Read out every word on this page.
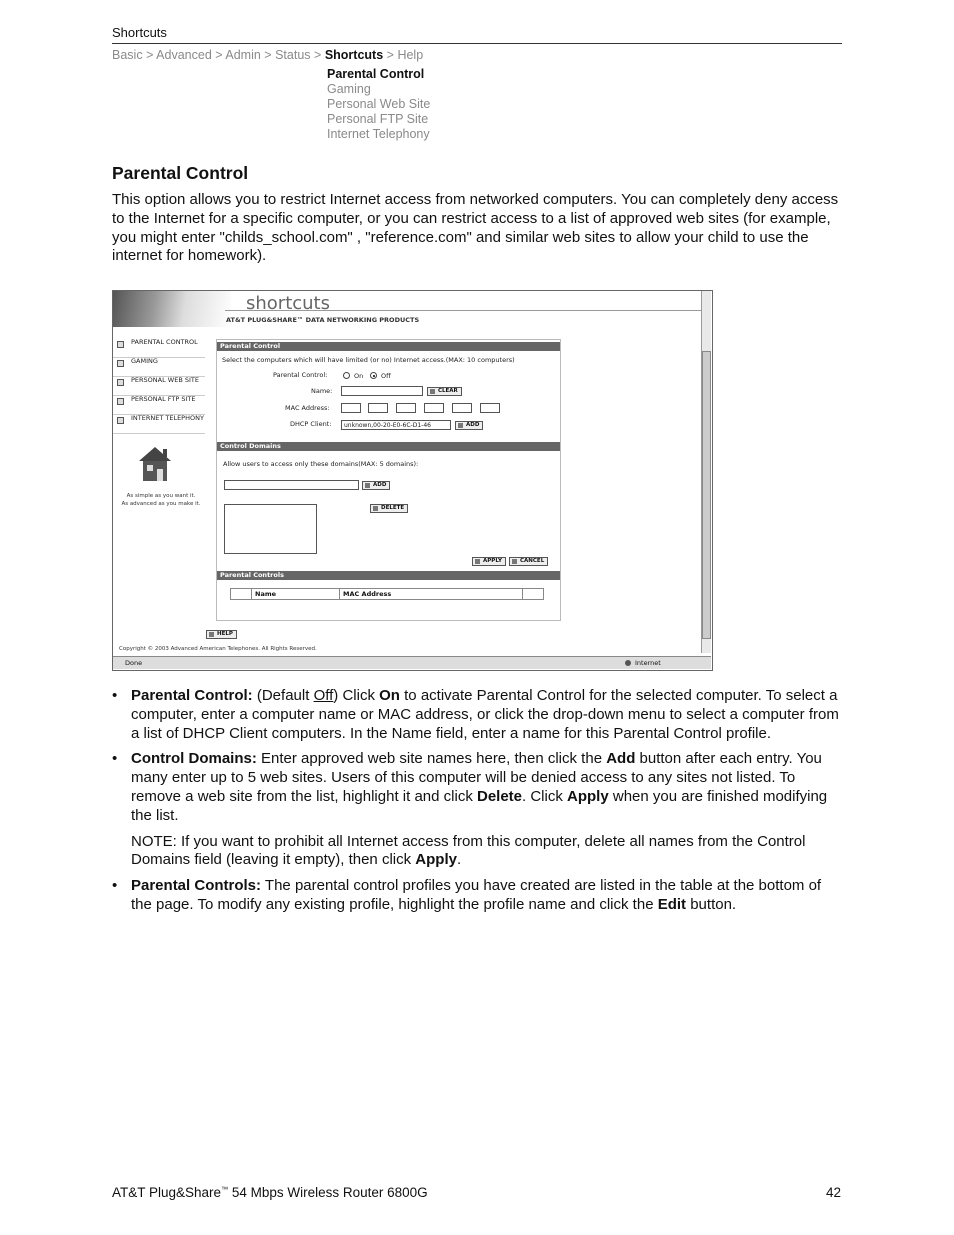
Shortcuts
Basic > Advanced > Admin > Status > Shortcuts > Help
Parental Control
Gaming
Personal Web Site
Personal FTP Site
Internet Telephony
Parental Control
This option allows you to restrict Internet access from networked computers. You can completely deny access to the Internet for a specific computer, or you can restrict access to a list of approved web sites (for example, you might enter "childs_school.com" , "reference.com" and similar web sites to allow your child to use the internet for homework).
shortcuts
AT&T PLUG&SHARE™ DATA NETWORKING PRODUCTS
PARENTAL CONTROL
GAMING
PERSONAL WEB SITE
PERSONAL FTP SITE
INTERNET TELEPHONY
As simple as you want it.
As advanced as you make it.
Parental Control
Select the computers which will have limited (or no) Internet access.(MAX: 10 computers)
Parental Control:	On	Off
Name:	CLEAR
MAC Address:
DHCP Client:	unknown,00-20-E0-6C-D1-46	ADD
Control Domains
Allow users to access only these domains(MAX: 5 domains):
ADD
DELETE
APPLY	CANCEL
Parental Controls
Name	MAC Address
HELP
Copyright © 2003 Advanced American Telephones. All Rights Reserved.
Done	Internet
• Parental Control: (Default Off) Click On to activate Parental Control for the selected computer. To select a computer, enter a computer name or MAC address, or click the drop-down menu to select a computer from a list of DHCP Client computers. In the Name field, enter a name for this Parental Control profile.
• Control Domains: Enter approved web site names here, then click the Add button after each entry. You many enter up to 5 web sites. Users of this computer will be denied access to any sites not listed. To remove a web site from the list, highlight it and click Delete. Click Apply when you are finished modifying the list.
NOTE: If you want to prohibit all Internet access from this computer, delete all names from the Control Domains field (leaving it empty), then click Apply.
• Parental Controls: The parental control profiles you have created are listed in the table at the bottom of the page. To modify any existing profile, highlight the profile name and click the Edit button.
AT&T Plug&Share™ 54 Mbps Wireless Router 6800G	42
